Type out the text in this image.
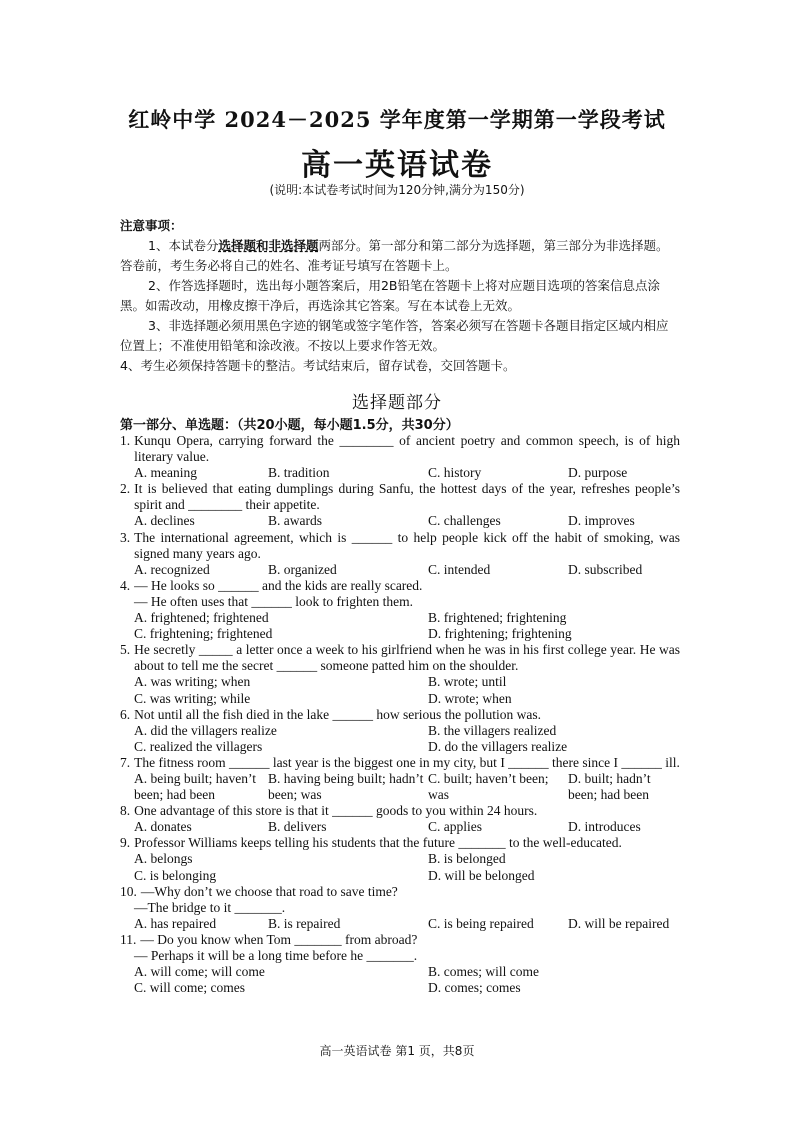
红岭中学 2024－2025 学年度第一学期第一学段考试
高一英语试卷
(说明:本试卷考试时间为120分钟,满分为150分)
注意事项：
1、本试卷分选择题和非选择题两部分。第一部分和第二部分为选择题，第三部分为非选择题。答卷前，考生务必将自己的姓名、准考证号填写在答题卡上。
2、作答选择题时，选出每小题答案后，用2B铅笔在答题卡上将对应题目选项的答案信息点涂黑。如需改动，用橡皮擦干净后，再选涂其它答案。写在本试卷上无效。
3、非选择题必须用黑色字迹的钢笔或签字笔作答，答案必须写在答题卡各题目指定区域内相应位置上；不准使用铅笔和涂改液。不按以上要求作答无效。
4、考生必须保持答题卡的整洁。考试结束后，留存试卷，交回答题卡。
选择题部分
第一部分、单选题：（共20小题，每小题1.5分，共30分）
1. Kunqu Opera, carrying forward the ________ of ancient poetry and common speech, is of high literary value.
A. meaning	B. tradition	C. history	D. purpose
2. It is believed that eating dumplings during Sanfu, the hottest days of the year, refreshes people’s spirit and ________ their appetite.
A. declines	B. awards	C. challenges	D. improves
3. The international agreement, which is ______ to help people kick off the habit of smoking, was signed many years ago.
A. recognized	B. organized	C. intended	D. subscribed
4. — He looks so ______ and the kids are really scared.
— He often uses that ______ look to frighten them.
A. frightened; frightened	B. frightened; frightening
C. frightening; frightened	D. frightening; frightening
5. He secretly _____ a letter once a week to his girlfriend when he was in his first college year. He was about to tell me the secret ______ someone patted him on the shoulder.
A. was writing; when	B. wrote; until
C. was writing; while	D. wrote; when
6. Not until all the fish died in the lake ______ how serious the pollution was.
A. did the villagers realize	B. the villagers realized
C. realized the villagers	D. do the villagers realize
7. The fitness room ______ last year is the biggest one in my city, but I ______ there since I ______ ill.
A. being built; haven’t been; had been
B. having being built; hadn’t been; was
C. built; haven’t been; was
D. built; hadn’t been; had been
8. One advantage of this store is that it ______ goods to you within 24 hours.
A. donates	B. delivers	C. applies	D. introduces
9. Professor Williams keeps telling his students that the future _______ to the well-educated.
A. belongs	B. is belonged
C. is belonging	D. will be belonged
10. —Why don’t we choose that road to save time?
—The bridge to it _______.
A. has repaired	B. is repaired	C. is being repaired	D. will be repaired
11. — Do you know when Tom _______ from abroad?
— Perhaps it will be a long time before he _______.
A. will come; will come	B. comes; will come
C. will come; comes	D. comes; comes
高一英语试卷 第1 页，共8页
